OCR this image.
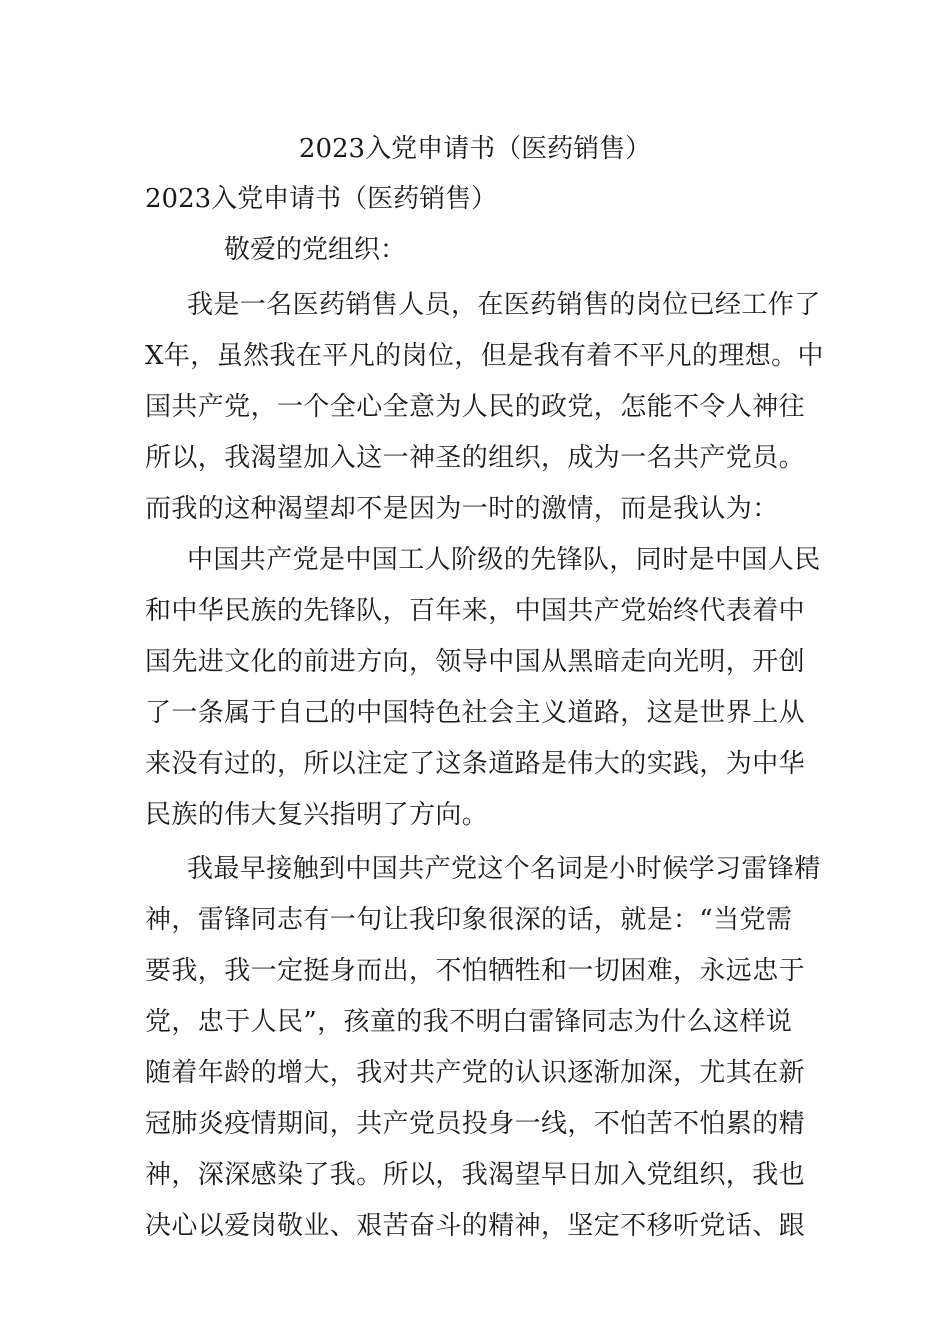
2023入党申请书（医药销售）
2023入党申请书（医药销售）
敬爱的党组织：
我是一名医药销售人员，在医药销售的岗位已经工作了
X年，虽然我在平凡的岗位，但是我有着不平凡的理想。中
国共产党，一个全心全意为人民的政党，怎能不令人神往
所以，我渴望加入这一神圣的组织，成为一名共产党员。
而我的这种渴望却不是因为一时的激情，而是我认为：
中国共产党是中国工人阶级的先锋队，同时是中国人民
和中华民族的先锋队，百年来，中国共产党始终代表着中
国先进文化的前进方向，领导中国从黑暗走向光明，开创
了一条属于自己的中国特色社会主义道路，这是世界上从
来没有过的，所以注定了这条道路是伟大的实践，为中华
民族的伟大复兴指明了方向。
我最早接触到中国共产党这个名词是小时候学习雷锋精
神，雷锋同志有一句让我印象很深的话，就是：“当党需
要我，我一定挺身而出，不怕牺牲和一切困难，永远忠于
党，忠于人民”，孩童的我不明白雷锋同志为什么这样说
随着年龄的增大，我对共产党的认识逐渐加深，尤其在新
冠肺炎疫情期间，共产党员投身一线，不怕苦不怕累的精
神，深深感染了我。所以，我渴望早日加入党组织，我也
决心以爱岗敬业、艰苦奋斗的精神，坚定不移听党话、跟
